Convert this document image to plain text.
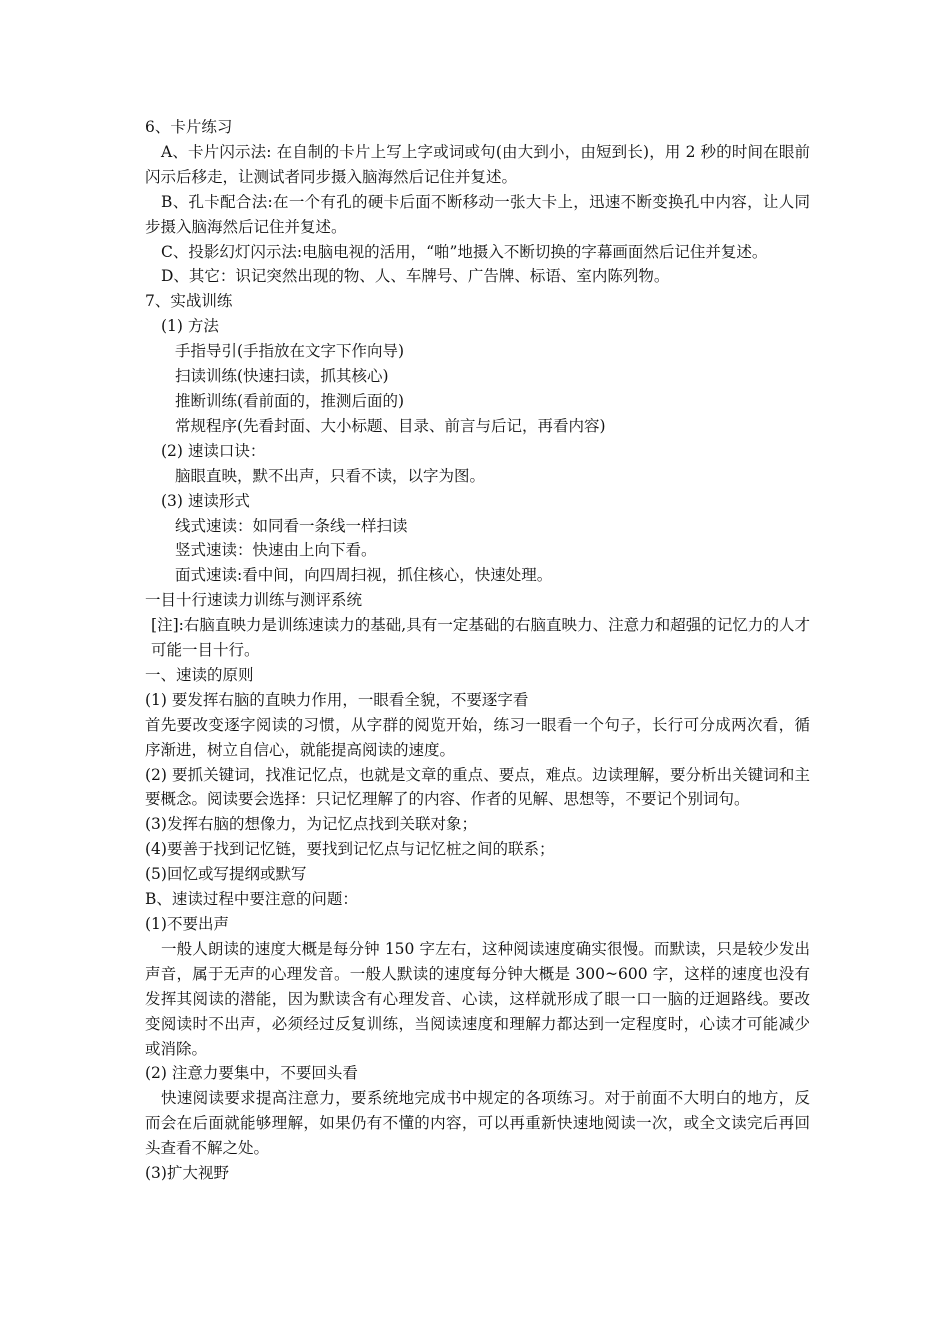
6、卡片练习
A、卡片闪示法: 在自制的卡片上写上字或词或句(由大到小，由短到长)，用 2 秒的时间在眼前闪示后移走，让测试者同步摄入脑海然后记住并复述。
B、孔卡配合法:在一个有孔的硬卡后面不断移动一张大卡上，迅速不断变换孔中内容，让人同步摄入脑海然后记住并复述。
C、投影幻灯闪示法:电脑电视的活用，“啪”地摄入不断切换的字幕画面然后记住并复述。
D、其它：识记突然出现的物、人、车牌号、广告牌、标语、室内陈列物。
7、实战训练
(1) 方法
手指导引(手指放在文字下作向导)
扫读训练(快速扫读，抓其核心)
推断训练(看前面的，推测后面的)
常规程序(先看封面、大小标题、目录、前言与后记，再看内容)
(2) 速读口诀：
脑眼直映，默不出声，只看不读，以字为图。
(3) 速读形式
线式速读：如同看一条线一样扫读
竖式速读：快速由上向下看。
面式速读:看中间，向四周扫视，抓住核心，快速处理。
一目十行速读力训练与测评系统
[注]:右脑直映力是训练速读力的基础,具有一定基础的右脑直映力、注意力和超强的记忆力的人才可能一目十行。
一、速读的原则
(1) 要发挥右脑的直映力作用，一眼看全貌，不要逐字看
首先要改变逐字阅读的习惯，从字群的阅览开始，练习一眼看一个句子，长行可分成两次看，循序渐进，树立自信心，就能提高阅读的速度。
(2) 要抓关键词，找准记忆点，也就是文章的重点、要点，难点。边读理解，要分析出关键词和主要概念。阅读要会选择：只记忆理解了的内容、作者的见解、思想等，不要记个别词句。
(3)发挥右脑的想像力，为记忆点找到关联对象；
(4)要善于找到记忆链，要找到记忆点与记忆桩之间的联系；
(5)回忆或写提纲或默写
B、速读过程中要注意的问题：
(1)不要出声
一般人朗读的速度大概是每分钟 150 字左右，这种阅读速度确实很慢。而默读，只是较少发出声音，属于无声的心理发音。一般人默读的速度每分钟大概是 300~600 字，这样的速度也没有发挥其阅读的潜能，因为默读含有心理发音、心读，这样就形成了眼一口一脑的迂迴路线。要改变阅读时不出声，必须经过反复训练，当阅读速度和理解力都达到一定程度时，心读才可能减少或消除。
(2) 注意力要集中，不要回头看
快速阅读要求提高注意力，要系统地完成书中规定的各项练习。对于前面不大明白的地方，反而会在后面就能够理解，如果仍有不懂的内容，可以再重新快速地阅读一次，或全文读完后再回头查看不解之处。
(3)扩大视野
